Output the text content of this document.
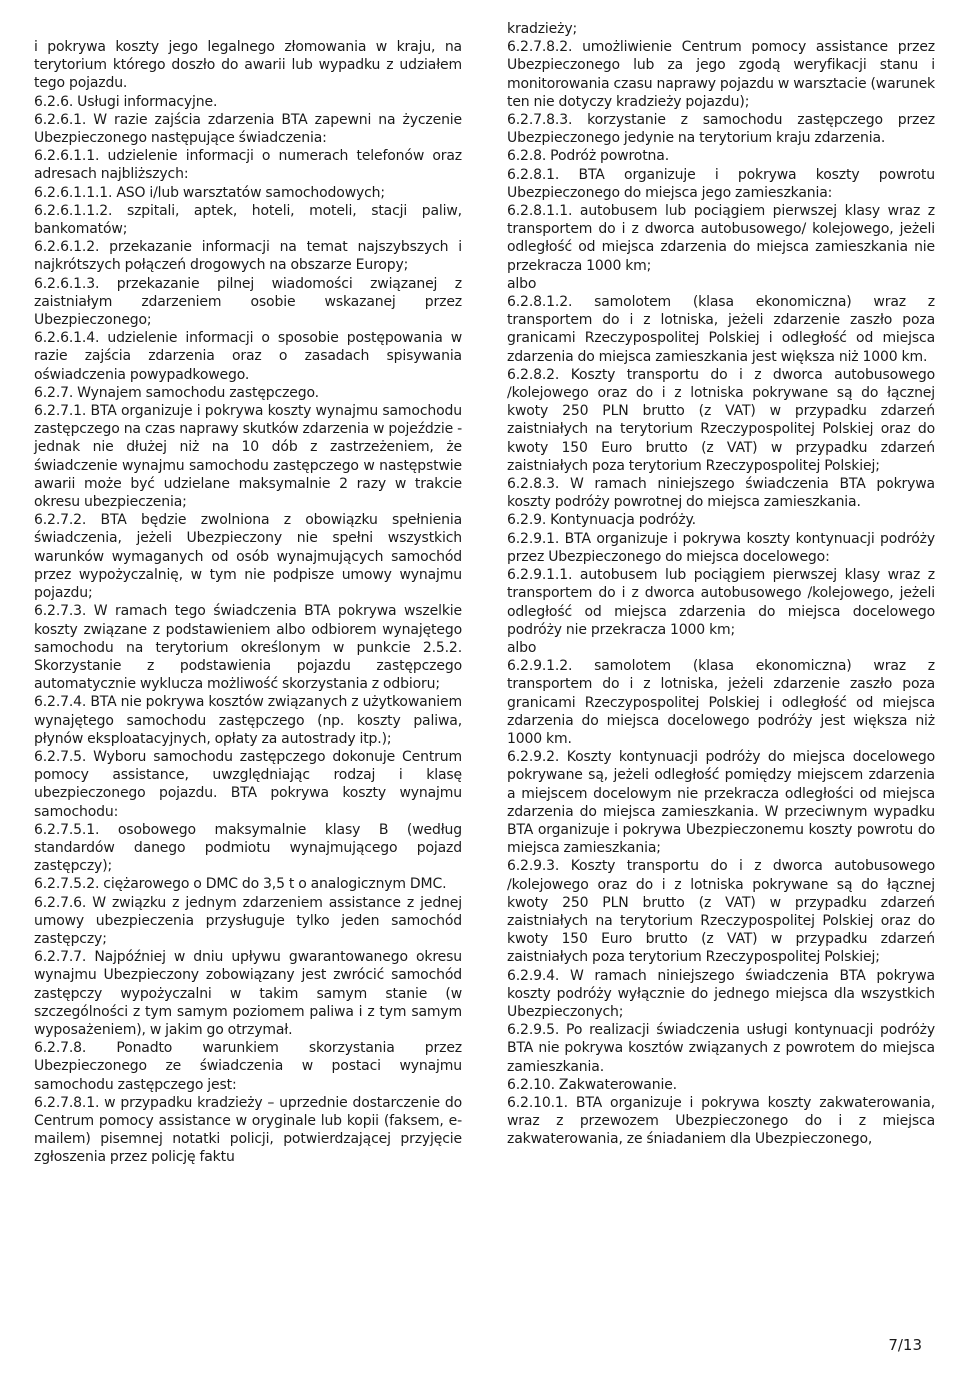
i pokrywa koszty jego legalnego złomowania w kraju, na terytorium którego doszło do awarii lub wypadku z udziałem tego pojazdu.

6.2.6. Usługi informacyjne.

6.2.6.1. W razie zajścia zdarzenia BTA zapewni na życzenie Ubezpieczonego następujące świadczenia:

6.2.6.1.1. udzielenie informacji o numerach telefonów oraz adresach najbliższych:

6.2.6.1.1.1. ASO i/lub warsztatów samochodowych;

6.2.6.1.1.2. szpitali, aptek, hoteli, moteli, stacji paliw, bankomatów;

6.2.6.1.2. przekazanie informacji na temat najszybszych i najkrótszych połączeń drogowych na obszarze Europy;

6.2.6.1.3. przekazanie pilnej wiadomości związanej z zaistniałym zdarzeniem osobie wskazanej przez Ubezpieczonego;

6.2.6.1.4. udzielenie informacji o sposobie postępowania w razie zajścia zdarzenia oraz o zasadach spisywania oświadczenia powypadkowego.

6.2.7. Wynajem samochodu zastępczego.

6.2.7.1. BTA organizuje i pokrywa koszty wynajmu samochodu zastępczego na czas naprawy skutków zdarzenia w pojeździe - jednak nie dłużej niż na 10 dób z zastrzeżeniem, że świadczenie wynajmu samochodu zastępczego w następstwie awarii może być udzielane maksymalnie 2 razy w trakcie okresu ubezpieczenia;

6.2.7.2. BTA będzie zwolniona z obowiązku spełnienia świadczenia, jeżeli Ubezpieczony nie spełni wszystkich warunków wymaganych od osób wynajmujących samochód przez wypożyczalnię, w tym nie podpisze umowy wynajmu pojazdu;

6.2.7.3. W ramach tego świadczenia BTA pokrywa wszelkie koszty związane z podstawieniem albo odbiorem wynajętego samochodu na terytorium określonym w punkcie 2.5.2. Skorzystanie z podstawienia pojazdu zastępczego automatycznie wyklucza możliwość skorzystania z odbioru;

6.2.7.4. BTA nie pokrywa kosztów związanych z użytkowaniem wynajętego samochodu zastępczego (np. koszty paliwa, płynów eksploatacyjnych, opłaty za autostrady itp.);

6.2.7.5. Wyboru samochodu zastępczego dokonuje Centrum pomocy assistance, uwzględniając rodzaj i klasę ubezpieczonego pojazdu. BTA pokrywa koszty wynajmu samochodu:

6.2.7.5.1. osobowego maksymalnie klasy B (według standardów danego podmiotu wynajmującego pojazd zastępczy);

6.2.7.5.2. ciężarowego o DMC do 3,5 t o analogicznym DMC.

6.2.7.6. W związku z jednym zdarzeniem assistance z jednej umowy ubezpieczenia przysługuje tylko jeden samochód zastępczy;

6.2.7.7. Najpóźniej w dniu upływu gwarantowanego okresu wynajmu Ubezpieczony zobowiązany jest zwrócić samochód zastępczy wypożyczalni w takim samym stanie (w szczególności z tym samym poziomem paliwa i z tym samym wyposażeniem), w jakim go otrzymał.

6.2.7.8. Ponadto warunkiem skorzystania przez Ubezpieczonego ze świadczenia w postaci wynajmu samochodu zastępczego jest:

6.2.7.8.1. w przypadku kradzieży – uprzednie dostarczenie do Centrum pomocy assistance w oryginale lub kopii (faksem, e-mailem) pisemnej notatki policji, potwierdzającej przyjęcie zgłoszenia przez policję faktu

kradzieży;

6.2.7.8.2. umożliwienie Centrum pomocy assistance przez Ubezpieczonego lub za jego zgodą weryfikacji stanu i monitorowania czasu naprawy pojazdu w warsztacie (warunek ten nie dotyczy kradzieży pojazdu);

6.2.7.8.3. korzystanie z samochodu zastępczego przez Ubezpieczonego jedynie na terytorium kraju zdarzenia.

6.2.8. Podróż powrotna.

6.2.8.1. BTA organizuje i pokrywa koszty powrotu Ubezpieczonego do miejsca jego zamieszkania:

6.2.8.1.1. autobusem lub pociągiem pierwszej klasy wraz z transportem do i z dworca autobusowego/ kolejowego, jeżeli odległość od miejsca zdarzenia do miejsca zamieszkania nie przekracza 1000 km;

albo

6.2.8.1.2. samolotem (klasa ekonomiczna) wraz z transportem do i z lotniska, jeżeli zdarzenie zaszło poza granicami Rzeczypospolitej Polskiej i odległość od miejsca zdarzenia do miejsca zamieszkania jest większa niż 1000 km.

6.2.8.2. Koszty transportu do i z dworca autobusowego /kolejowego oraz do i z lotniska pokrywane są do łącznej kwoty 250 PLN brutto (z VAT) w przypadku zdarzeń zaistniałych na terytorium Rzeczypospolitej Polskiej oraz do kwoty 150 Euro brutto (z VAT) w przypadku zdarzeń zaistniałych poza terytorium Rzeczypospolitej Polskiej;

6.2.8.3. W ramach niniejszego świadczenia BTA pokrywa koszty podróży powrotnej do miejsca zamieszkania.

6.2.9. Kontynuacja podróży.

6.2.9.1. BTA organizuje i pokrywa koszty kontynuacji podróży przez Ubezpieczonego do miejsca docelowego:

6.2.9.1.1. autobusem lub pociągiem pierwszej klasy wraz z transportem do i z dworca autobusowego /kolejowego, jeżeli odległość od miejsca zdarzenia do miejsca docelowego podróży nie przekracza 1000 km;

albo

6.2.9.1.2. samolotem (klasa ekonomiczna) wraz z transportem do i z lotniska, jeżeli zdarzenie zaszło poza granicami Rzeczypospolitej Polskiej i odległość od miejsca zdarzenia do miejsca docelowego podróży jest większa niż 1000 km.

6.2.9.2. Koszty kontynuacji podróży do miejsca docelowego pokrywane są, jeżeli odległość pomiędzy miejscem zdarzenia a miejscem docelowym nie przekracza odległości od miejsca zdarzenia do miejsca zamieszkania. W przeciwnym wypadku BTA organizuje i pokrywa Ubezpieczonemu koszty powrotu do miejsca zamieszkania;

6.2.9.3. Koszty transportu do i z dworca autobusowego /kolejowego oraz do i z lotniska pokrywane są do łącznej kwoty 250 PLN brutto (z VAT) w przypadku zdarzeń zaistniałych na terytorium Rzeczypospolitej Polskiej oraz do kwoty 150 Euro brutto (z VAT) w przypadku zdarzeń zaistniałych poza terytorium Rzeczypospolitej Polskiej;

6.2.9.4. W ramach niniejszego świadczenia BTA pokrywa koszty podróży wyłącznie do jednego miejsca dla wszystkich Ubezpieczonych;

6.2.9.5. Po realizacji świadczenia usługi kontynuacji podróży BTA nie pokrywa kosztów związanych z powrotem do miejsca zamieszkania.

6.2.10. Zakwaterowanie.

6.2.10.1. BTA organizuje i pokrywa koszty zakwaterowania, wraz z przewozem Ubezpieczonego do i z miejsca zakwaterowania, ze śniadaniem dla Ubezpieczonego,

7/13
